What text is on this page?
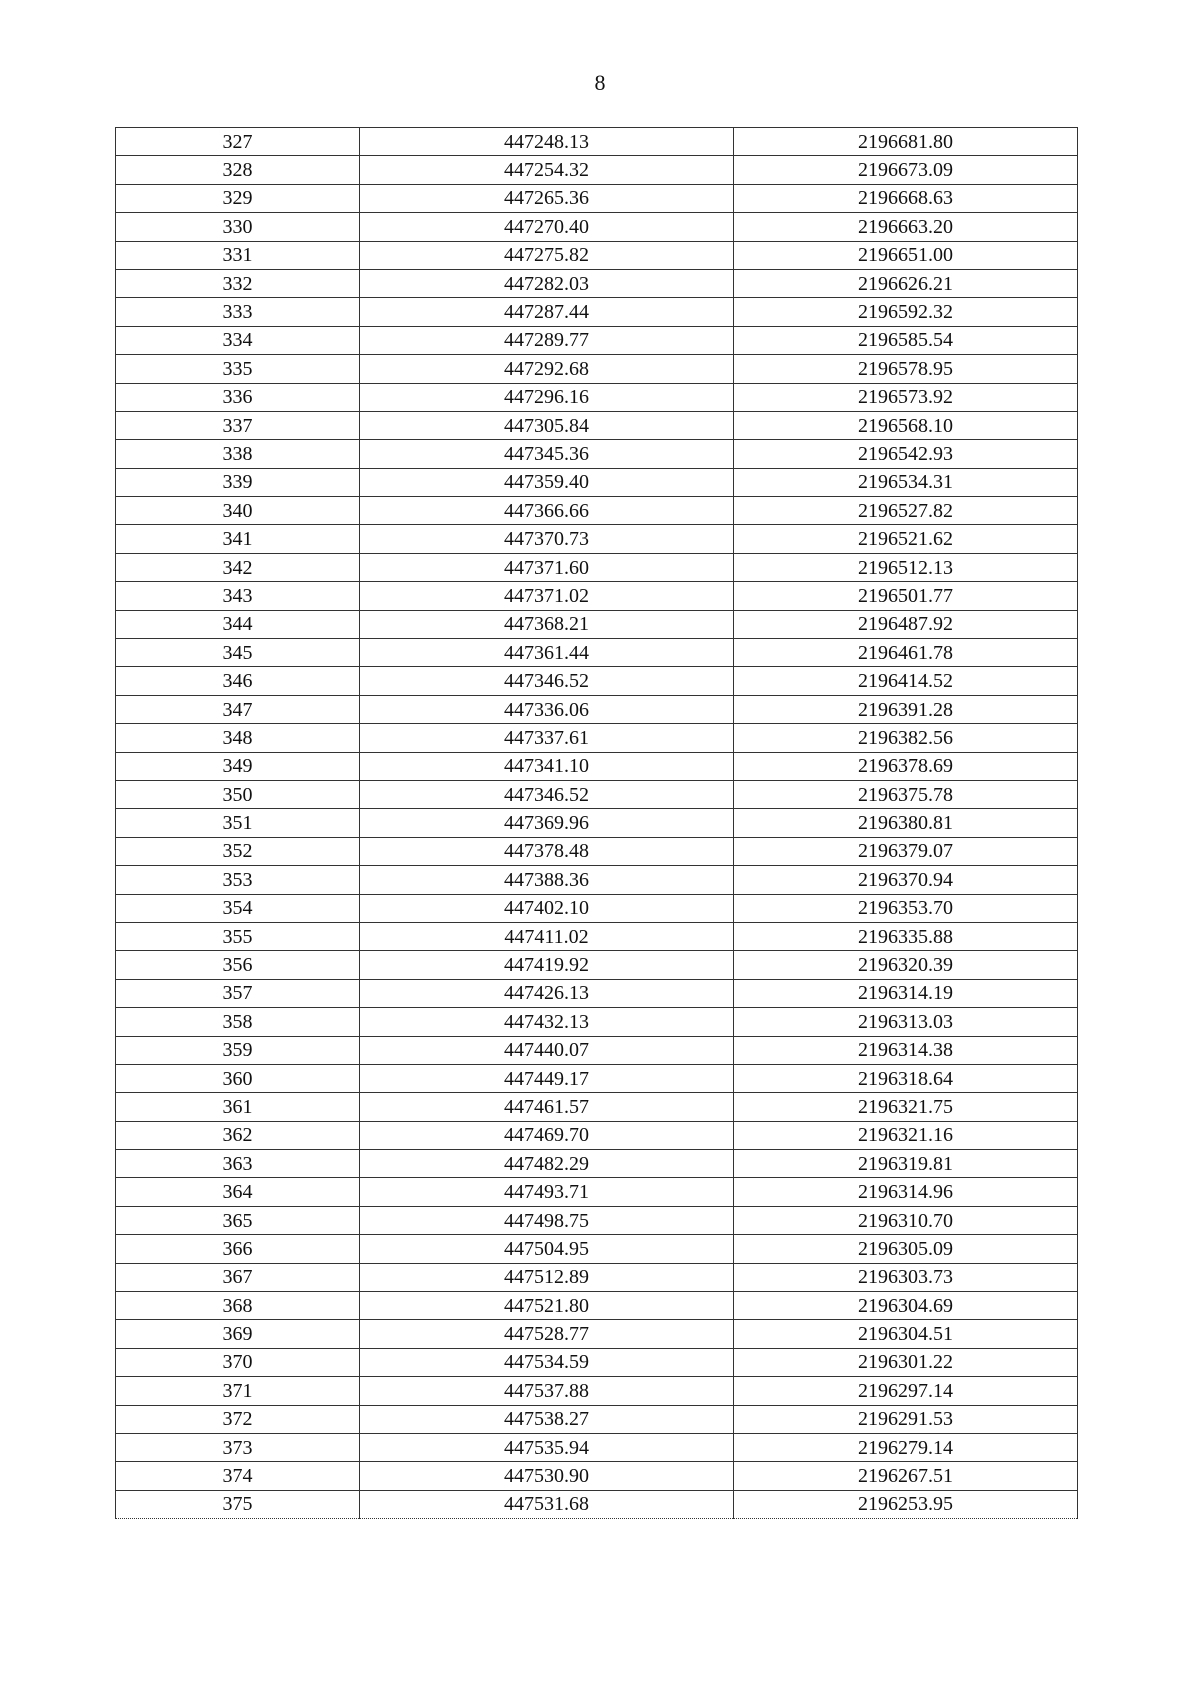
8
327	447248.13	2196681.80
328	447254.32	2196673.09
329	447265.36	2196668.63
330	447270.40	2196663.20
331	447275.82	2196651.00
332	447282.03	2196626.21
333	447287.44	2196592.32
334	447289.77	2196585.54
335	447292.68	2196578.95
336	447296.16	2196573.92
337	447305.84	2196568.10
338	447345.36	2196542.93
339	447359.40	2196534.31
340	447366.66	2196527.82
341	447370.73	2196521.62
342	447371.60	2196512.13
343	447371.02	2196501.77
344	447368.21	2196487.92
345	447361.44	2196461.78
346	447346.52	2196414.52
347	447336.06	2196391.28
348	447337.61	2196382.56
349	447341.10	2196378.69
350	447346.52	2196375.78
351	447369.96	2196380.81
352	447378.48	2196379.07
353	447388.36	2196370.94
354	447402.10	2196353.70
355	447411.02	2196335.88
356	447419.92	2196320.39
357	447426.13	2196314.19
358	447432.13	2196313.03
359	447440.07	2196314.38
360	447449.17	2196318.64
361	447461.57	2196321.75
362	447469.70	2196321.16
363	447482.29	2196319.81
364	447493.71	2196314.96
365	447498.75	2196310.70
366	447504.95	2196305.09
367	447512.89	2196303.73
368	447521.80	2196304.69
369	447528.77	2196304.51
370	447534.59	2196301.22
371	447537.88	2196297.14
372	447538.27	2196291.53
373	447535.94	2196279.14
374	447530.90	2196267.51
375	447531.68	2196253.95
